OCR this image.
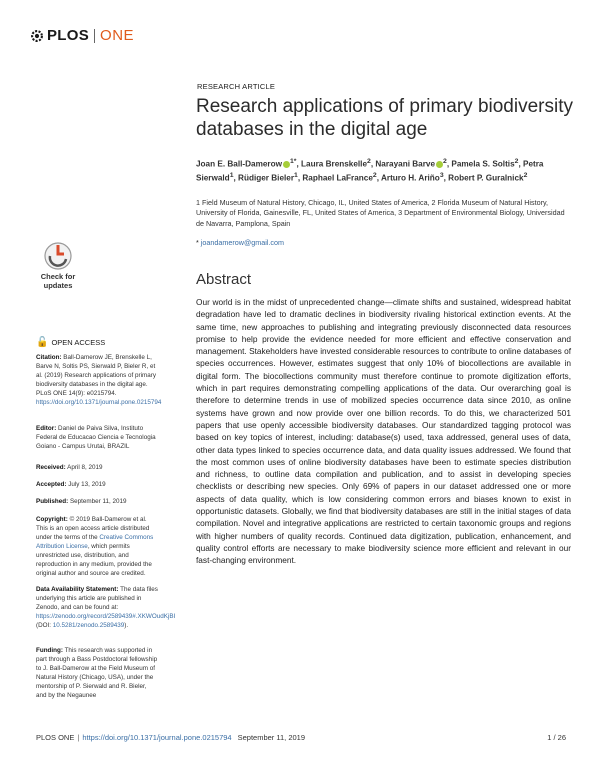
PLOS ONE
RESEARCH ARTICLE
Research applications of primary biodiversity databases in the digital age
Joan E. Ball-Damerow $^{1*}$, Laura Brenskelle$^2$, Narayani Barve $^2$, Pamela S. Soltis$^2$, Petra Sierwald$^1$, Rüdiger Bieler$^1$, Raphael LaFrance$^2$, Arturo H. Ariño$^3$, Robert P. Guralnick$^2$
1 Field Museum of Natural History, Chicago, IL, United States of America, 2 Florida Museum of Natural History, University of Florida, Gainesville, FL, United States of America, 3 Department of Environmental Biology, Universidad de Navarra, Pamplona, Spain
* joandamerow@gmail.com
Abstract

Our world is in the midst of unprecedented change—climate shifts and sustained, widespread habitat degradation have led to dramatic declines in biodiversity rivaling historical extinction events. At the same time, new approaches to publishing and integrating previously disconnected data resources promise to help provide the evidence needed for more efficient and effective conservation and management. Stakeholders have invested considerable resources to contribute to online databases of species occurrences. However, estimates suggest that only 10% of biocollections are available in digital form. The biocollections community must therefore continue to promote digitization efforts, which in part requires demonstrating compelling applications of the data. Our overarching goal is therefore to determine trends in use of mobilized species occurrence data since 2010, as online systems have grown and now provide over one billion records. To do this, we characterized 501 papers that use openly accessible biodiversity databases. Our standardized tagging protocol was based on key topics of interest, including: database(s) used, taxa addressed, general uses of data, other data types linked to species occurrence data, and data quality issues addressed. We found that the most common uses of online biodiversity databases have been to estimate species distribution and richness, to outline data compilation and publication, and to assist in developing species checklists or describing new species. Only 69% of papers in our dataset addressed one or more aspects of data quality, which is low considering common errors and biases known to exist in opportunistic datasets. Globally, we find that biodiversity databases are still in the initial stages of data compilation. Novel and integrative applications are restricted to certain taxonomic groups and regions with higher numbers of quality records. Continued data digitization, publication, enhancement, and quality control efforts are necessary to make biodiversity science more efficient and relevant in our fast-changing environment.

Check for
updates
🔓 OPEN ACCESS

Citation: Ball-Damerow JE, Brenskelle L, Barve N, Soltis PS, Sierwald P, Bieler R, et al. (2019) Research applications of primary biodiversity databases in the digital age. PLoS ONE 14(9): e0215794. https://doi.org/10.1371/journal.pone.0215794

Editor: Daniel de Paiva Silva, Instituto Federal de Educacao Ciencia e Tecnologia Goiano - Campus Urutai, BRAZIL

Received: April 8, 2019

Accepted: July 13, 2019

Published: September 11, 2019

Copyright: © 2019 Ball-Damerow et al. This is an open access article distributed under the terms of the Creative Commons Attribution License, which permits unrestricted use, distribution, and reproduction in any medium, provided the original author and source are credited.

Data Availability Statement: The data files underlying this article are published in Zenodo, and can be found at: https://zenodo.org/record/2589439#.XKWOudKjBI (DOI: 10.5281/zenodo.2589439).

Funding: This research was supported in part through a Bass Postdoctoral fellowship to J. Ball-Damerow at the Field Museum of Natural History (Chicago, USA), under the mentorship of P. Sierwald and R. Bieler, and by the Negaunee

PLOS ONE | https://doi.org/10.1371/journal.pone.0215794 September 11, 2019	1 / 26
